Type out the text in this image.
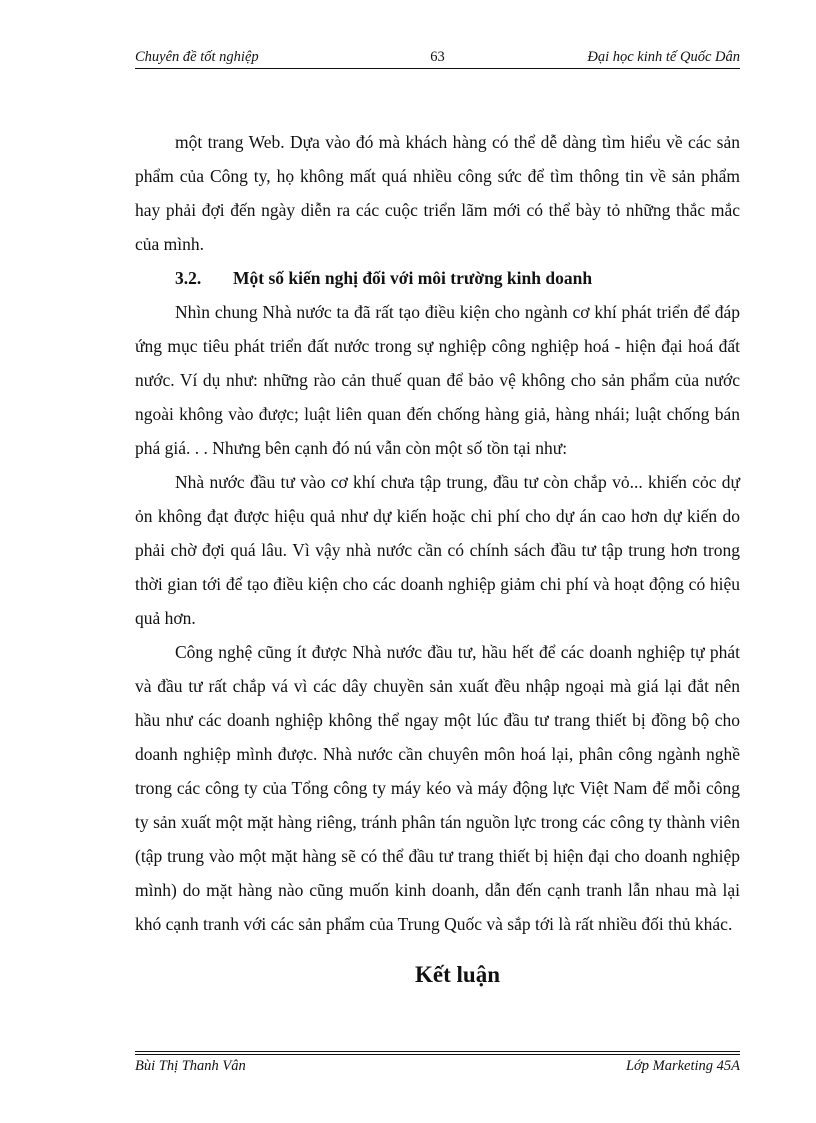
Chuyên đề tốt nghiệp	63	Đại học kinh tế Quốc Dân

một trang Web. Dựa vào đó mà khách hàng có thể dễ dàng tìm hiểu về các sản phẩm của Công ty, họ không mất quá nhiều công sức để tìm thông tin về sản phẩm hay phải đợi đến ngày diễn ra các cuộc triển lãm mới có thể bày tỏ những thắc mắc của mình.

3.2.	Một số kiến nghị đối với môi trường kinh doanh

Nhìn chung Nhà nước ta đã rất tạo điều kiện cho ngành cơ khí phát triển để đáp ứng mục tiêu phát triển đất nước trong sự nghiệp công nghiệp hoá - hiện đại hoá đất nước. Ví dụ như: những rào cản thuế quan để bảo vệ không cho sản phẩm của nước ngoài không vào được; luật liên quan đến chống hàng giả, hàng nhái; luật chống bán phá giá. . . Nhưng bên cạnh đó nú vẫn còn một số tồn tại như:

Nhà nước đầu tư vào cơ khí chưa tập trung, đầu tư còn chắp vỏ... khiến cỏc dự ỏn không đạt được hiệu quả như dự kiến hoặc chi phí cho dự án cao hơn dự kiến do phải chờ đợi quá lâu. Vì vậy nhà nước cần có chính sách đầu tư tập trung hơn trong thời gian tới để tạo điều kiện cho các doanh nghiệp giảm chi phí và hoạt động có hiệu quả hơn.

Công nghệ cũng ít được Nhà nước đầu tư, hầu hết để các doanh nghiệp tự phát và đầu tư rất chắp vá vì các dây chuyền sản xuất đều nhập ngoại mà giá lại đắt nên hầu như các doanh nghiệp không thể ngay một lúc đầu tư trang thiết bị đồng bộ cho doanh nghiệp mình được. Nhà nước cần chuyên môn hoá lại, phân công ngành nghề trong các công ty của Tổng công ty máy kéo và máy động lực Việt Nam để mỗi công ty sản xuất một mặt hàng riêng, tránh phân tán nguồn lực trong các công ty thành viên (tập trung vào một mặt hàng sẽ có thể đầu tư trang thiết bị hiện đại cho doanh nghiệp mình) do mặt hàng nào cũng muốn kinh doanh, dẫn đến cạnh tranh lẫn nhau mà lại khó cạnh tranh với các sản phẩm của Trung Quốc và sắp tới là rất nhiều đối thủ khác.

Kết luận
Bùi Thị Thanh Vân	Lớp Marketing 45A
